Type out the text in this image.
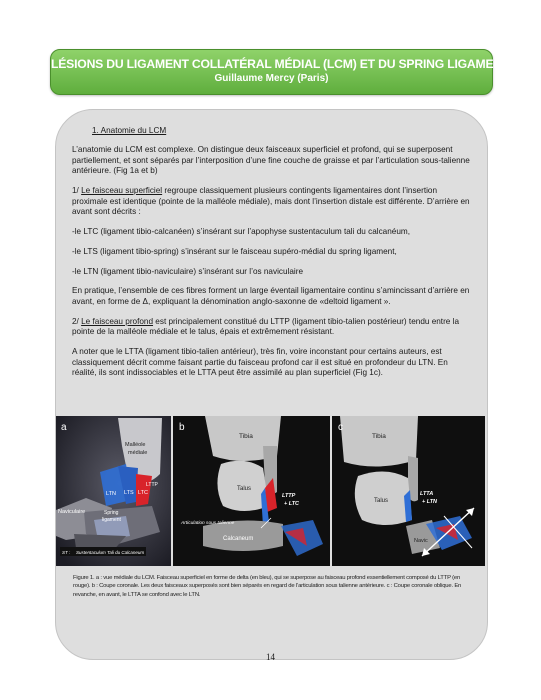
LÉSIONS DU LIGAMENT COLLATÉRAL MÉDIAL (LCM) ET DU SPRING LIGAMENT
Guillaume Mercy (Paris)

1. Anatomie du LCM

L’anatomie du LCM est complexe. On distingue deux faisceaux superficiel et profond, qui se superposent partiellement, et sont séparés par l’interposition d’une fine couche de graisse et par l’articulation sous-talienne antérieure. (Fig 1a et b)

1/ Le faisceau superficiel regroupe classiquement plusieurs contingents ligamentaires dont l’insertion proximale est identique (pointe de la malléole médiale), mais dont l’insertion distale est différente. D’arrière en avant sont décrits :

-le LTC (ligament tibio-calcanéen) s’insérant sur l’apophyse sustentaculum tali du calcanéum,

-le LTS (ligament tibio-spring) s’insérant sur le faisceau supéro-médial du spring ligament,

-le LTN (ligament tibio-naviculaire) s’insérant sur l’os naviculaire

En pratique, l’ensemble de ces fibres forment un large éventail ligamentaire continu s’amincissant d’arrière en avant, en forme de Δ, expliquant la dénomination anglo-saxonne de «deltoid ligament ».

2/ Le faisceau profond est principalement constitué du LTTP (ligament tibio-talien postérieur) tendu entre la pointe de la malléole médiale et le talus, épais et extrêmement résistant.

A noter que le LTTA (ligament tibio-talien antérieur), très fin, voire inconstant pour certains auteurs, est classiquement décrit comme faisant partie du faisceau profond car il est situé en profondeur du LTN. En réalité, ils sont indissociables et le LTTA peut être assimilé au plan superficiel (Fig 1c).

a
Malléole
médiale
LTN LTS LTC
LTTP
Naviculaire	Spring
ligament
ST : Sustentaculum Tali du Calcaneum
b
Tibia
Talus
LTTP
+ LTC
Articulation sous talienne
Calcaneum
c
Tibia
Talus
LTTA
+ LTN
Navic
Figure 1. a : vue médiale du LCM. Faisceau superficiel en forme de delta (en bleu), qui se superpose au faisceau profond essentiellement composé du LTTP (en rouge). b : Coupe coronale. Les deux faisceaux superposés sont bien séparés en regard de l’articulation sous talienne antérieure. c : Coupe coronale oblique. En revanche, en avant, le LTTA se confond avec le LTN.
14
